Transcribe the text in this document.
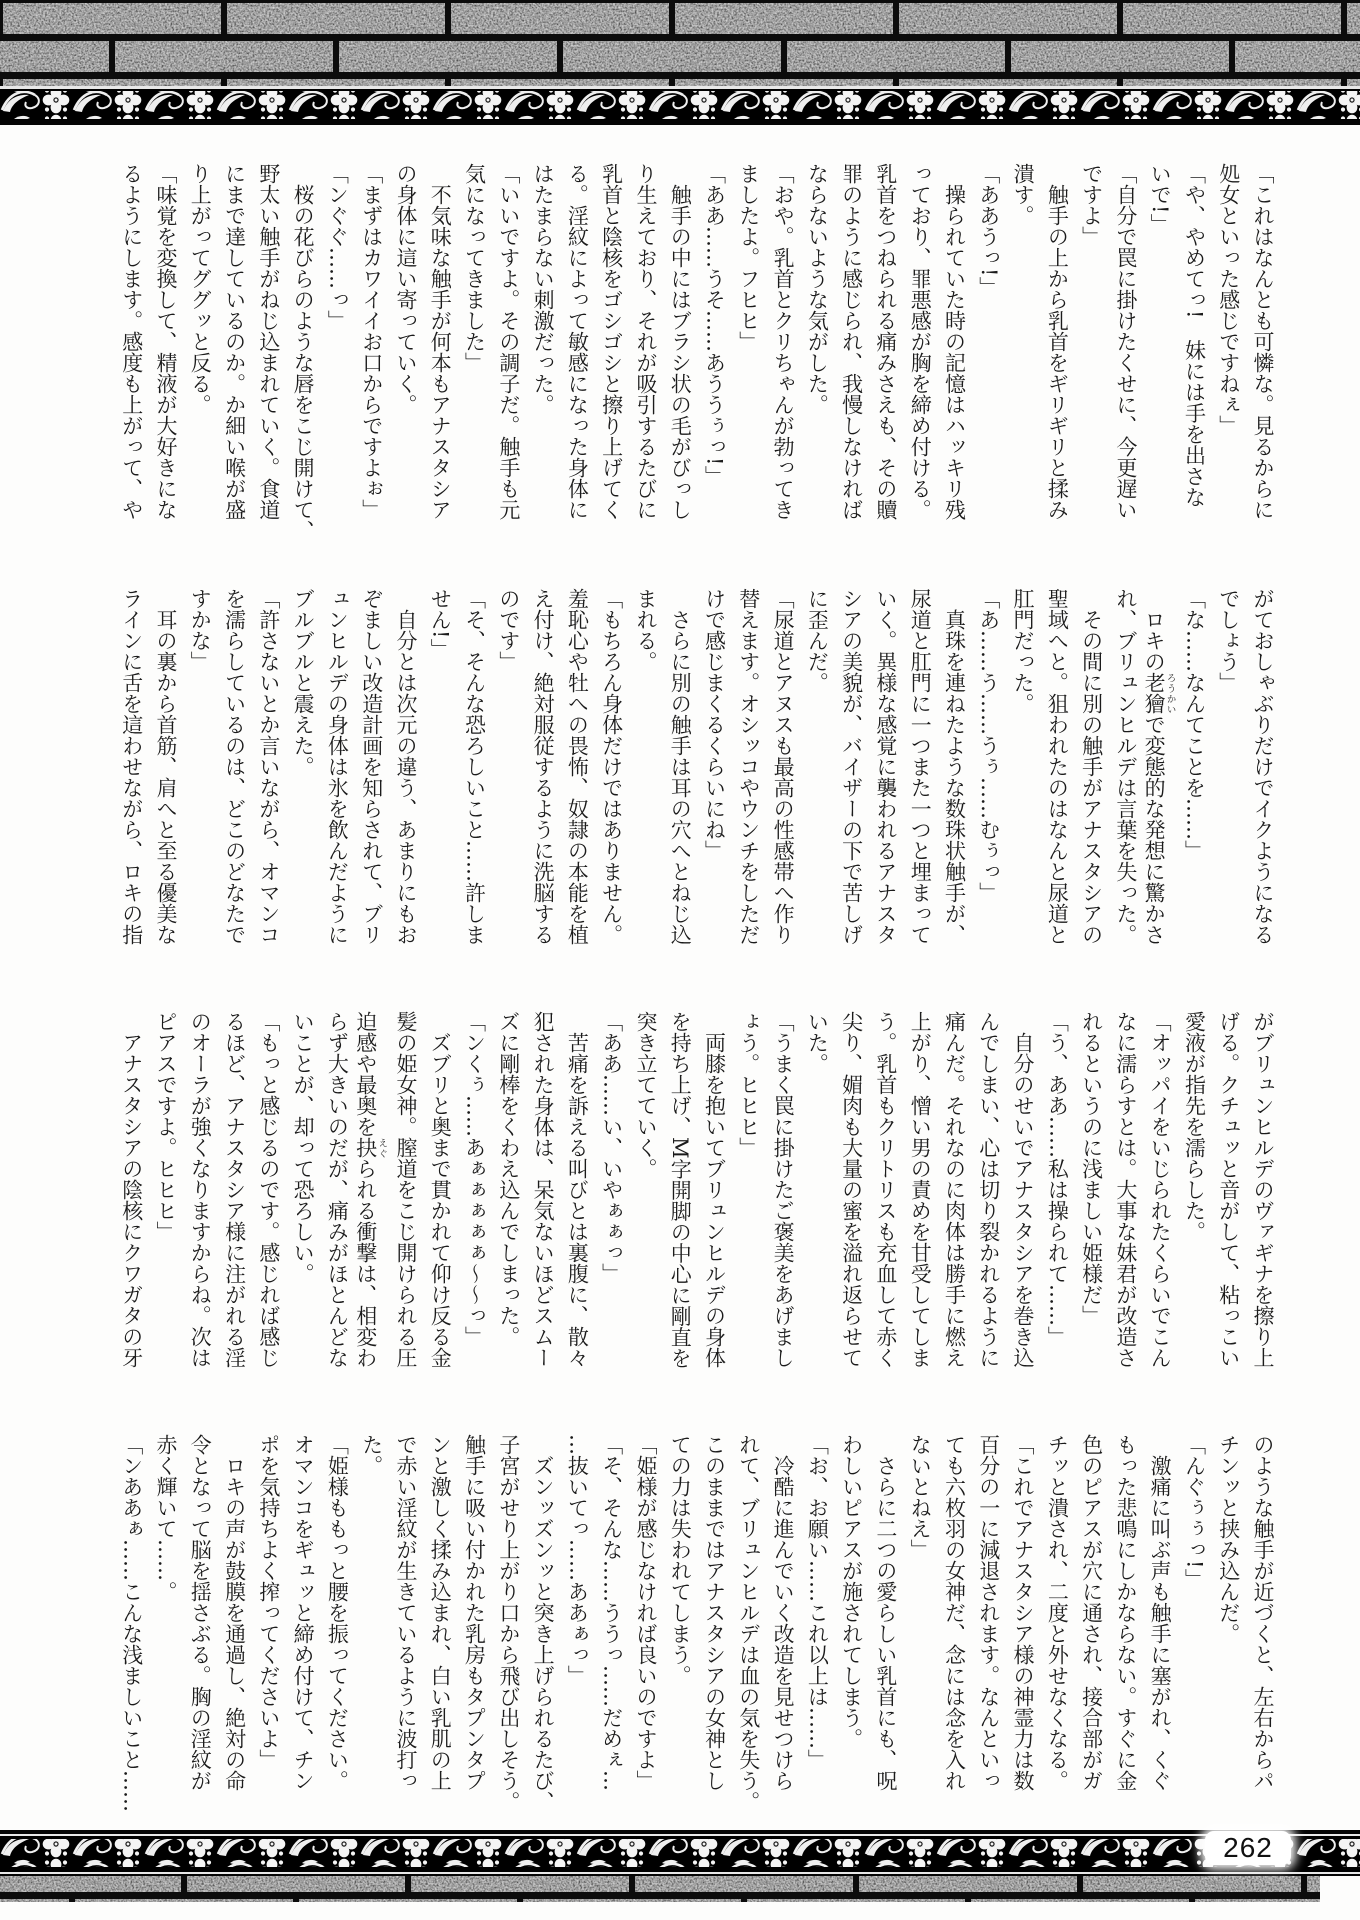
「これはなんとも可憐な。見るからに
処女といった感じですねぇ」
「や、やめてっ!　妹には手を出さな
いで!」
「自分で罠に掛けたくせに、今更遅い
ですよ」
　触手の上から乳首をギリギリと揉み
潰す。
「ああうっ!」
　操られていた時の記憶はハッキリ残
っており、罪悪感が胸を締め付ける。
乳首をつねられる痛みさえも、その贖
罪のように感じられ、我慢しなければ
ならないような気がした。
「おや。乳首とクリちゃんが勃ってき
ましたよ。フヒヒ」
「ああ……うそ……あううぅっ!」
　触手の中にはブラシ状の毛がびっし
り生えており、それが吸引するたびに
乳首と陰核をゴシゴシと擦り上げてく
る。淫紋によって敏感になった身体に
はたまらない刺激だった。
「いいですよ。その調子だ。触手も元
気になってきました」
　不気味な触手が何本もアナスタシア
の身体に這い寄っていく。
「まずはカワイイお口からですよぉ」
「ンぐぐ……っ」
　桜の花びらのような唇をこじ開けて、
野太い触手がねじ込まれていく。食道
にまで達しているのか。か細い喉が盛
り上がってググッと反る。
「味覚を変換して、精液が大好きにな
るようにします。感度も上がって、や
がておしゃぶりだけでイクようになる
でしょう」
「な……なんてことを……」
　ロキの老獪ろうかいで変態的な発想に驚かさ
れ、ブリュンヒルデは言葉を失った。
　その間に別の触手がアナスタシアの
聖域へと。狙われたのはなんと尿道と
肛門だった。
「あ……う……うぅ……むぅっ」
　真珠を連ねたような数珠状触手が、
尿道と肛門に一つまた一つと埋まって
いく。異様な感覚に襲われるアナスタ
シアの美貌が、バイザーの下で苦しげ
に歪んだ。
「尿道とアヌスも最高の性感帯へ作り
替えます。オシッコやウンチをしただ
けで感じまくるくらいにね」
　さらに別の触手は耳の穴へとねじ込
まれる。
「もちろん身体だけではありません。
羞恥心や牡への畏怖、奴隷の本能を植
え付け、絶対服従するように洗脳する
のです」
「そ、そんな恐ろしいこと……許しま
せん!」
　自分とは次元の違う、あまりにもお
ぞましい改造計画を知らされて、ブリ
ュンヒルデの身体は氷を飲んだように
ブルブルと震えた。
「許さないとか言いながら、オマンコ
を濡らしているのは、どこのどなたで
すかな」
　耳の裏から首筋、肩へと至る優美な
ラインに舌を這わせながら、ロキの指
がブリュンヒルデのヴァギナを擦り上
げる。クチュッと音がして、粘っこい
愛液が指先を濡らした。
「オッパイをいじられたくらいでこん
なに濡らすとは。大事な妹君が改造さ
れるというのに浅ましい姫様だ」
「う、ああ……私は操られて……」
　自分のせいでアナスタシアを巻き込
んでしまい、心は切り裂かれるように
痛んだ。それなのに肉体は勝手に燃え
上がり、憎い男の責めを甘受してしま
う。乳首もクリトリスも充血して赤く
尖り、媚肉も大量の蜜を溢れ返らせて
いた。
「うまく罠に掛けたご褒美をあげまし
ょう。ヒヒヒ」
　両膝を抱いてブリュンヒルデの身体
を持ち上げ、М字開脚の中心に剛直を
突き立てていく。
「ああ……い、いやぁぁっ」
　苦痛を訴える叫びとは裏腹に、散々
犯された身体は、呆気ないほどスムー
ズに剛棒をくわえ込んでしまった。
「ンくぅ……あぁぁぁぁぁ〜〜っ」
　ズブリと奥まで貫かれて仰け反る金
髪の姫女神。膣道をこじ開けられる圧
迫感や最奥を抉えぐられる衝撃は、相変わ
らず大きいのだが、痛みがほとんどな
いことが、却って恐ろしい。
「もっと感じるのです。感じれば感じ
るほど、アナスタシア様に注がれる淫
のオーラが強くなりますからね。次は
ピアスですよ。ヒヒヒ」
　アナスタシアの陰核にクワガタの牙
のような触手が近づくと、左右からパ
チンッと挟み込んだ。
「んぐぅぅっ!」
　激痛に叫ぶ声も触手に塞がれ、くぐ
もった悲鳴にしかならない。すぐに金
色のピアスが穴に通され、接合部がガ
チッと潰され、二度と外せなくなる。
「これでアナスタシア様の神霊力は数
百分の一に減退されます。なんといっ
ても六枚羽の女神だ、念には念を入れ
ないとねえ」
　さらに二つの愛らしい乳首にも、呪
わしいピアスが施されてしまう。
「お、お願い……これ以上は……」
　冷酷に進んでいく改造を見せつけら
れて、ブリュンヒルデは血の気を失う。
このままではアナスタシアの女神とし
ての力は失われてしまう。
「姫様が感じなければ良いのですよ」
「そ、そんな……ううっ……だめぇ…
…抜いてっ……ああぁっ」
　ズンッズンッと突き上げられるたび、
子宮がせり上がり口から飛び出しそう。
触手に吸い付かれた乳房もタプンタプ
ンと激しく揉み込まれ、白い乳肌の上
で赤い淫紋が生きているように波打っ
た。
「姫様ももっと腰を振ってください。
オマンコをギュッと締め付けて、チン
ポを気持ちよく搾ってくださいよ」
　ロキの声が鼓膜を通過し、絶対の命
令となって脳を揺さぶる。胸の淫紋が
赤く輝いて……。
「ンああぁ……こんな浅ましいこと……
262
